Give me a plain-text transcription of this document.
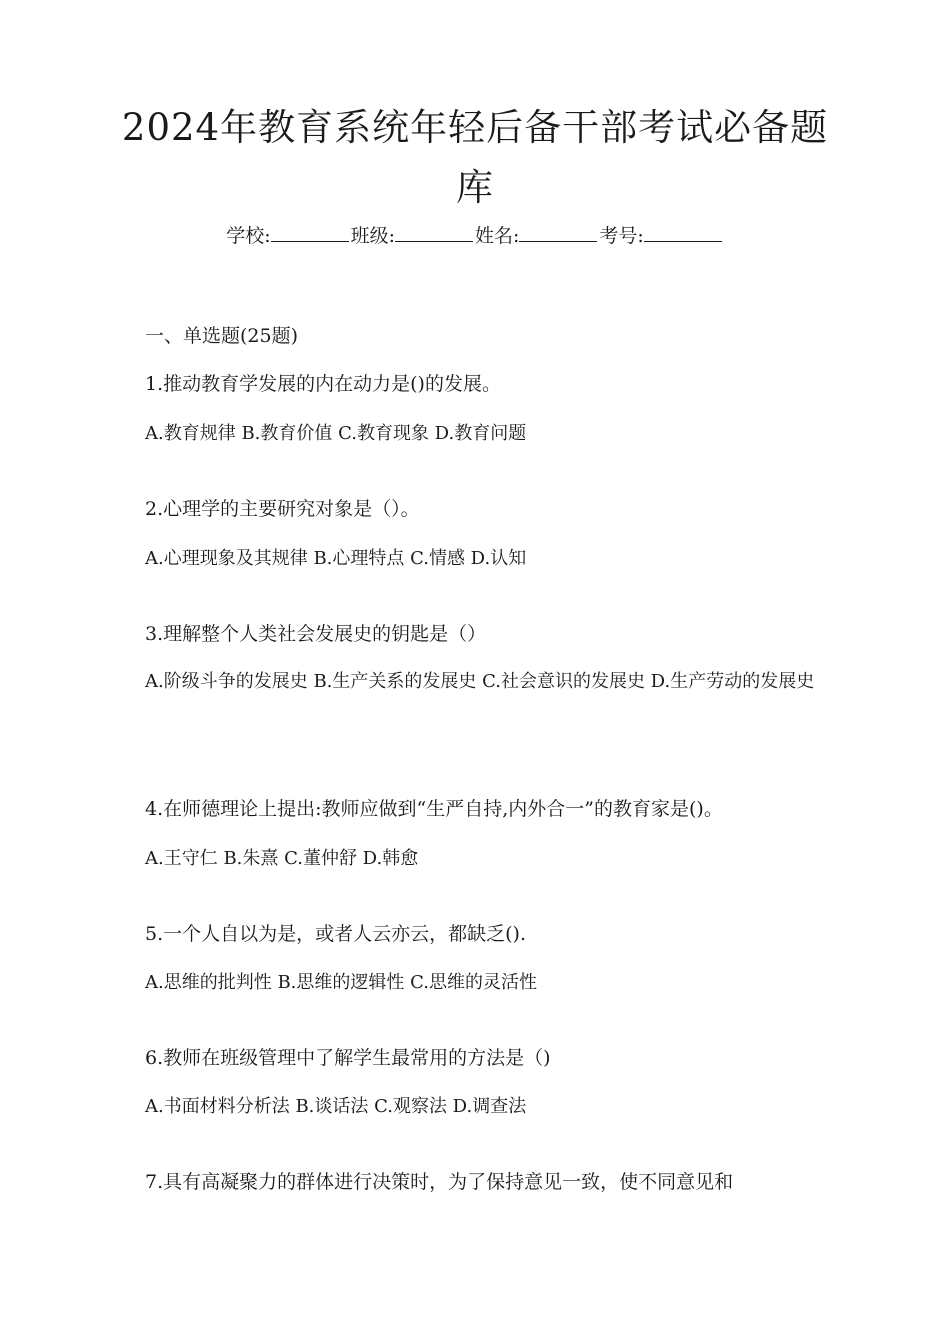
2024年教育系统年轻后备干部考试必备题库
学校:	班级:	姓名:	考号:
一、单选题(25题)
1.推动教育学发展的内在动力是()的发展。
A.教育规律 B.教育价值 C.教育现象 D.教育问题
2.心理学的主要研究对象是（）。
A.心理现象及其规律 B.心理特点 C.情感 D.认知
3.理解整个人类社会发展史的钥匙是（）
A.阶级斗争的发展史 B.生产关系的发展史 C.社会意识的发展史 D.生产劳动的发展史
4.在师德理论上提出:教师应做到“生严自持,内外合一”的教育家是()。
A.王守仁 B.朱熹 C.董仲舒 D.韩愈
5.一个人自以为是，或者人云亦云，都缺乏().
A.思维的批判性 B.思维的逻辑性 C.思维的灵活性
6.教师在班级管理中了解学生最常用的方法是（)
A.书面材料分析法 B.谈话法 C.观察法 D.调查法
7.具有高凝聚力的群体进行决策时，为了保持意见一致，使不同意见和
